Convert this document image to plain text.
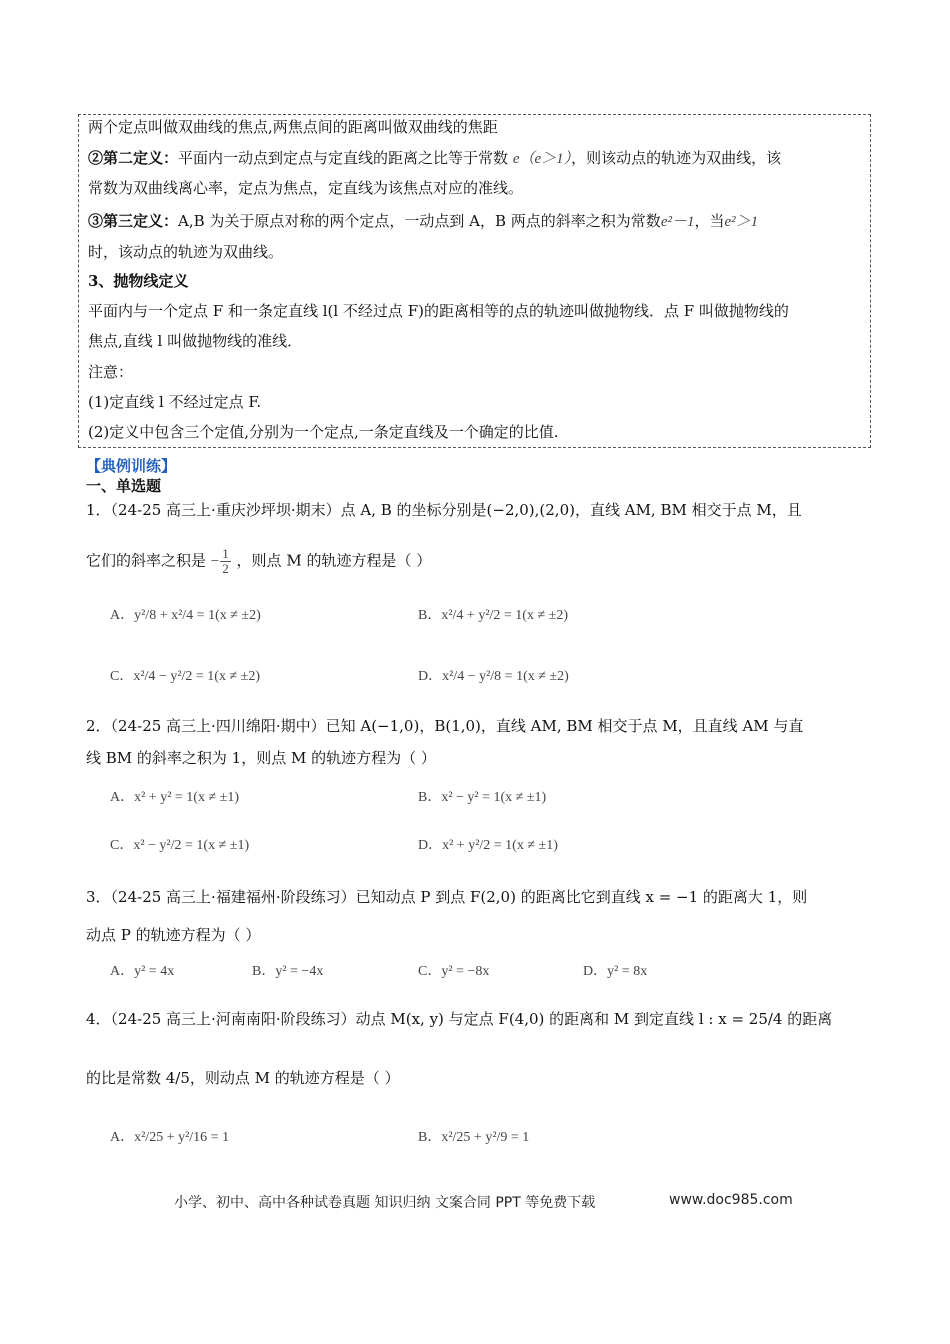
两个定点叫做双曲线的焦点,两焦点间的距离叫做双曲线的焦距
②第二定义：平面内一动点到定点与定直线的距离之比等于常数 e（e＞1），则该动点的轨迹为双曲线，该
常数为双曲线离心率，定点为焦点，定直线为该焦点对应的准线。
③第三定义：A,B 为关于原点对称的两个定点，一动点到 A，B 两点的斜率之积为常数e²－1，当e²＞1
时，该动点的轨迹为双曲线。
3、抛物线定义
平面内与一个定点 F 和一条定直线 l(l 不经过点 F)的距离相等的点的轨迹叫做抛物线．点 F 叫做抛物线的
焦点,直线 l 叫做抛物线的准线．
注意：
(1)定直线 l 不经过定点 F.
(2)定义中包含三个定值,分别为一个定点,一条定直线及一个确定的比值.
【典例训练】
一、单选题
1．（24-25 高三上·重庆沙坪坝·期末）点 A, B 的坐标分别是(−2,0),(2,0)，直线 AM, BM 相交于点 M，且
它们的斜率之积是 − $\frac{1}{2}$ ，则点 M 的轨迹方程是（ ）
A．y²/8 + x²/4 = 1(x ≠ ±2)	B．x²/4 + y²/2 = 1(x ≠ ±2)
C．x²/4 − y²/2 = 1(x ≠ ±2)	D．x²/4 − y²/8 = 1(x ≠ ±2)
2．（24-25 高三上·四川绵阳·期中）已知 A(−1,0)，B(1,0)，直线 AM, BM 相交于点 M，且直线 AM 与直
线 BM 的斜率之积为 1，则点 M 的轨迹方程为（ ）
A．x² + y² = 1(x ≠ ±1)	B．x² − y² = 1(x ≠ ±1)
C．x² − y²/2 = 1(x ≠ ±1)	D．x² + y²/2 = 1(x ≠ ±1)
3．（24-25 高三上·福建福州·阶段练习）已知动点 P 到点 F(2,0) 的距离比它到直线 x = −1 的距离大 1，则
动点 P 的轨迹方程为（ ）
A．y² = 4x	B．y² = −4x	C．y² = −8x	D．y² = 8x
4．（24-25 高三上·河南南阳·阶段练习）动点 M(x, y) 与定点 F(4,0) 的距离和 M 到定直线 l : x = 25/4 的距离
的比是常数 4/5，则动点 M 的轨迹方程是（ ）
A．x²/25 + y²/16 = 1	B．x²/25 + y²/9 = 1
小学、初中、高中各种试卷真题 知识归纳 文案合同 PPT 等免费下载	www.doc985.com
